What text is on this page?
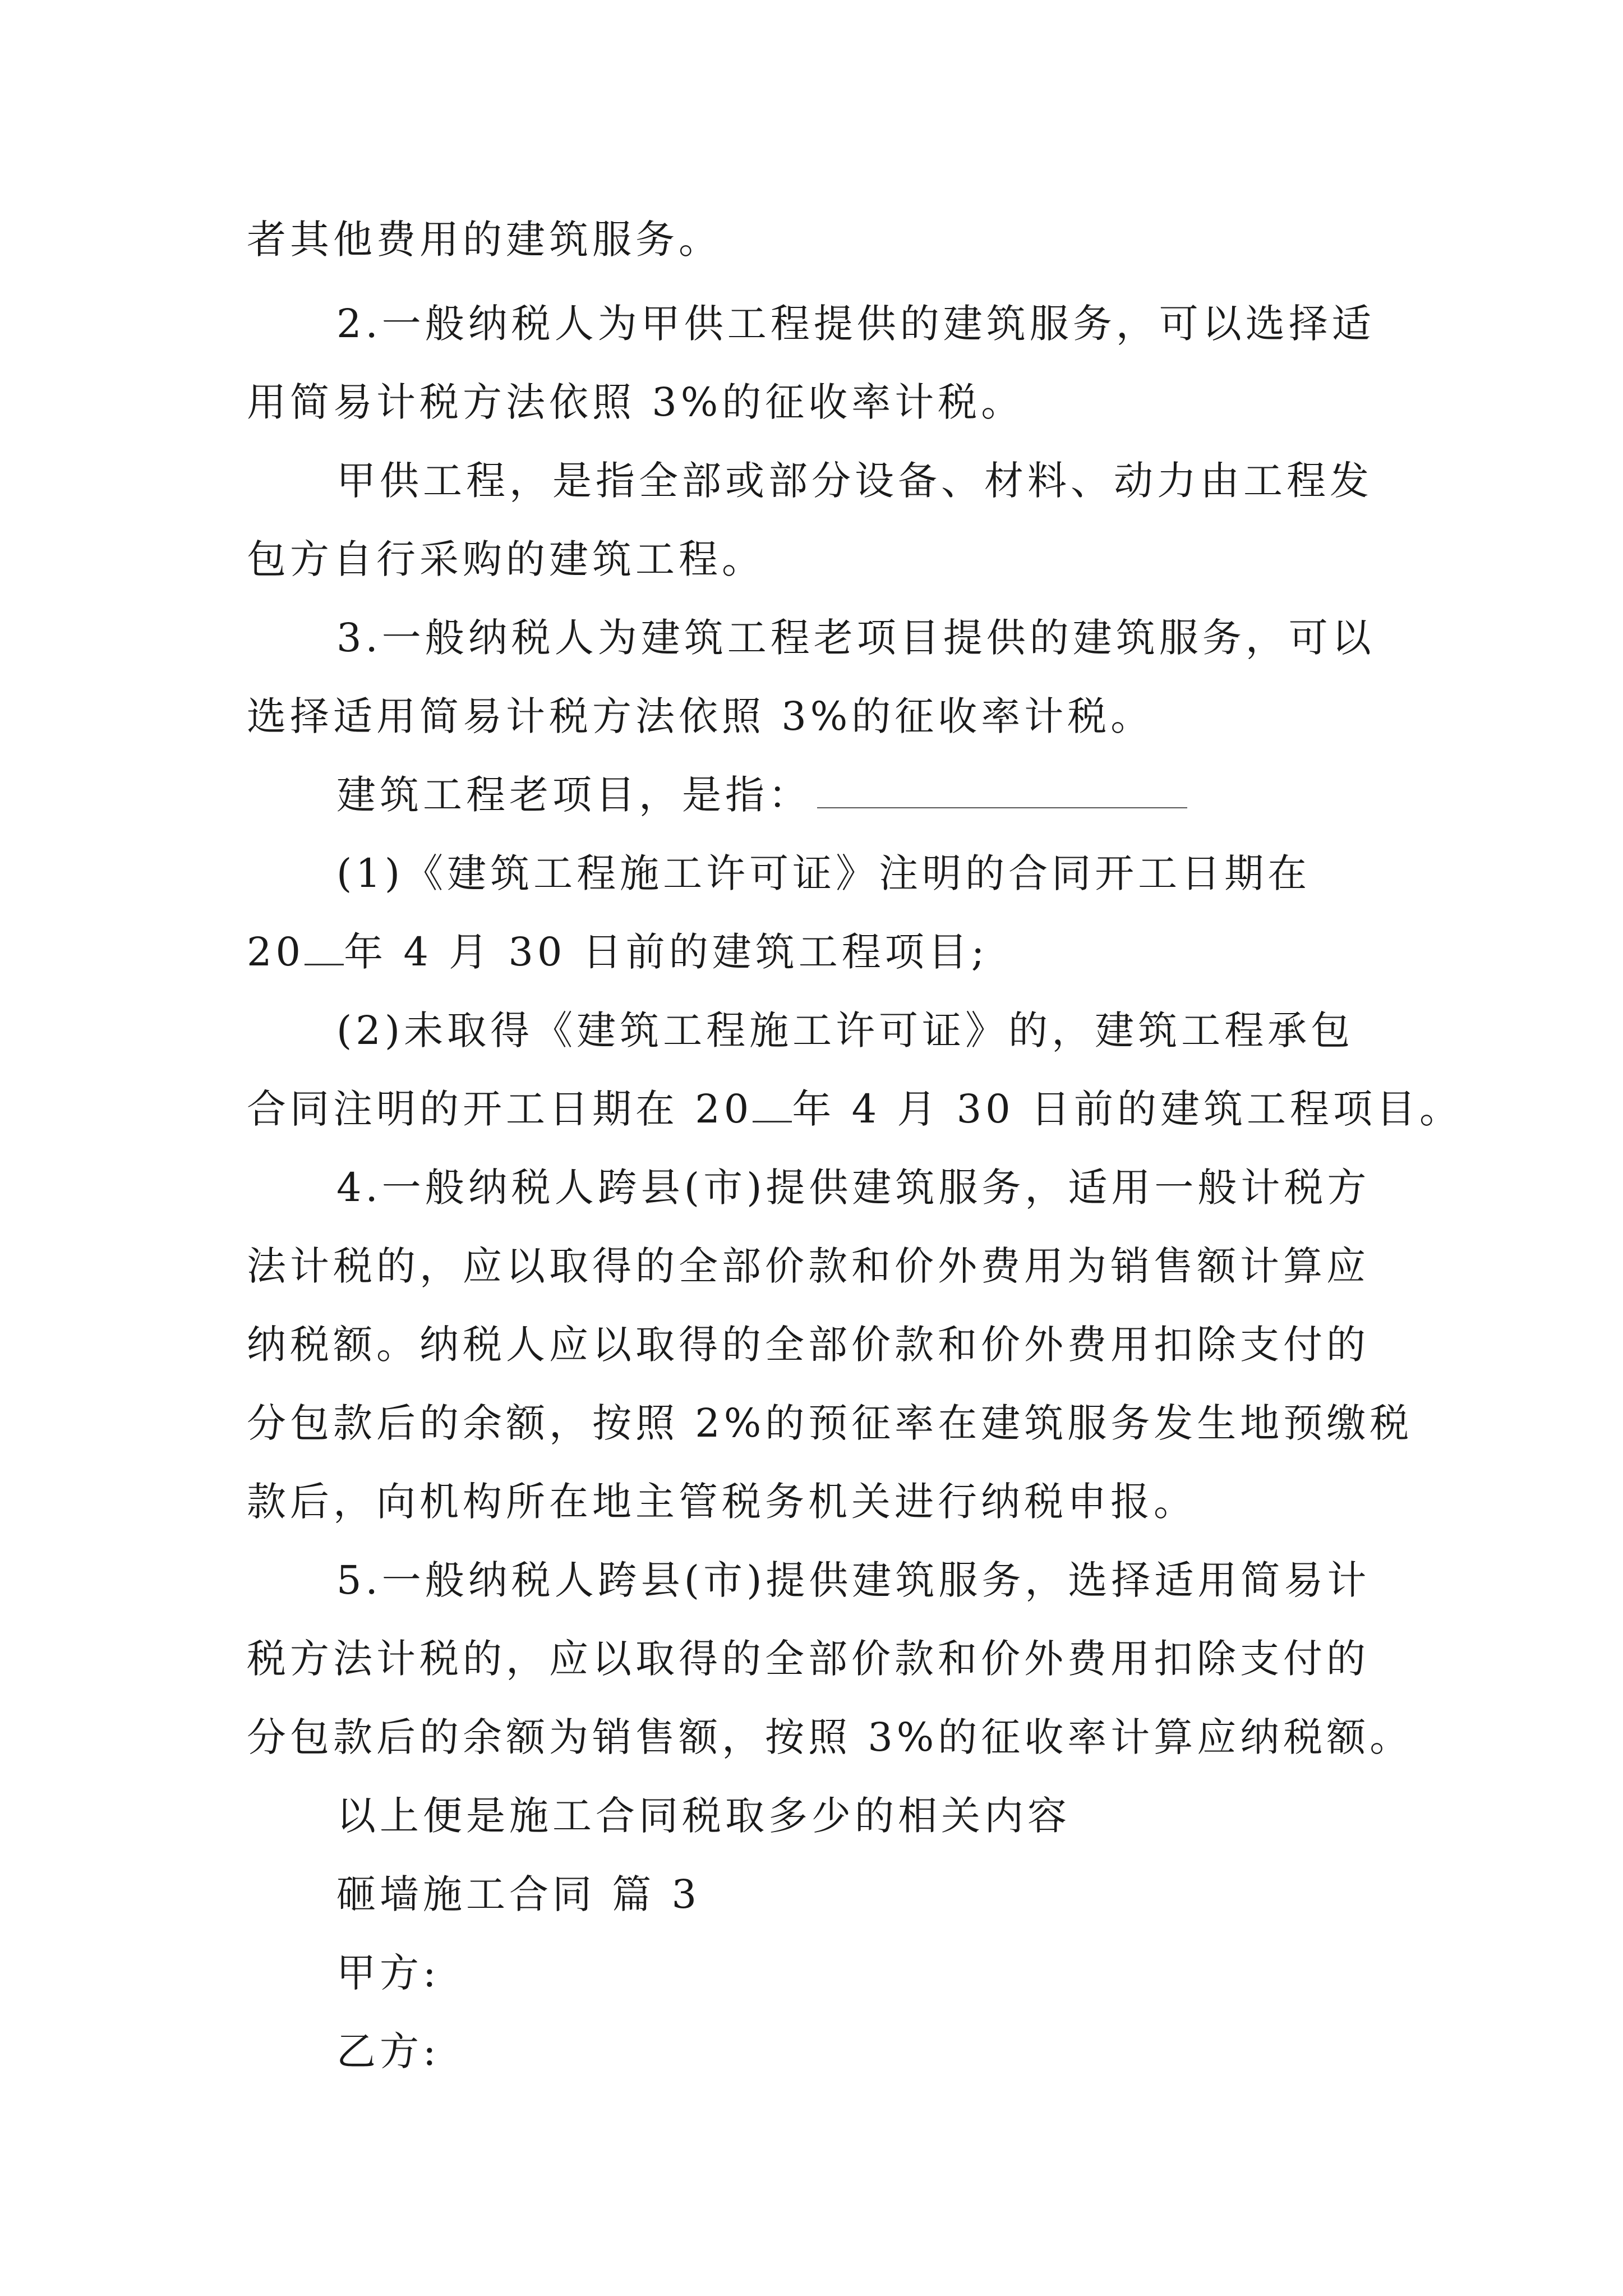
者其他费用的建筑服务。
2.一般纳税人为甲供工程提供的建筑服务，可以选择适
用简易计税方法依照 3%的征收率计税。
甲供工程，是指全部或部分设备、材料、动力由工程发
包方自行采购的建筑工程。
3.一般纳税人为建筑工程老项目提供的建筑服务，可以
选择适用简易计税方法依照 3%的征收率计税。
建筑工程老项目，是指：
(1)《建筑工程施工许可证》注明的合同开工日期在
20 年 4 月 30 日前的建筑工程项目;
(2)未取得《建筑工程施工许可证》的，建筑工程承包
合同注明的开工日期在 20 年 4 月 30 日前的建筑工程项目。
4.一般纳税人跨县(市)提供建筑服务，适用一般计税方
法计税的，应以取得的全部价款和价外费用为销售额计算应
纳税额。纳税人应以取得的全部价款和价外费用扣除支付的
分包款后的余额，按照 2%的预征率在建筑服务发生地预缴税
款后，向机构所在地主管税务机关进行纳税申报。
5.一般纳税人跨县(市)提供建筑服务，选择适用简易计
税方法计税的，应以取得的全部价款和价外费用扣除支付的
分包款后的余额为销售额，按照 3%的征收率计算应纳税额。
以上便是施工合同税取多少的相关内容
砸墙施工合同 篇 3
甲方:
乙方:
